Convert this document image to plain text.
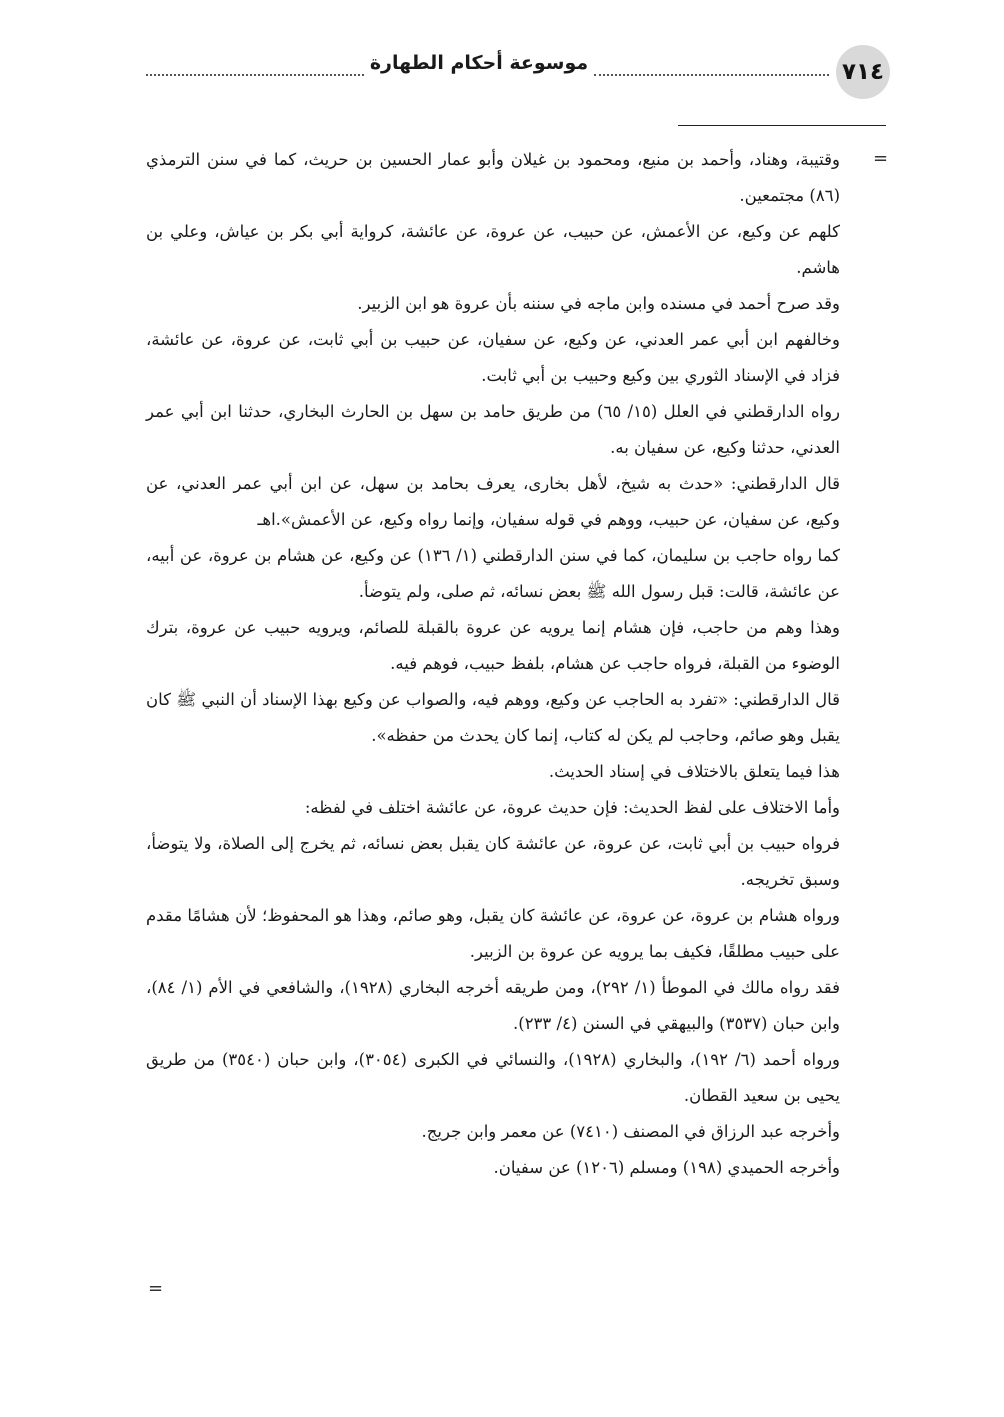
٧١٤
موسوعة أحكام الطهارة
=
=

وقتيبة، وهناد، وأحمد بن منيع، ومحمود بن غيلان وأبو عمار الحسين بن حريث، كما في سنن الترمذي (٨٦) مجتمعين.

كلهم عن وكيع، عن الأعمش، عن حبيب، عن عروة، عن عائشة، كرواية أبي بكر بن عياش، وعلي بن هاشم.

وقد صرح أحمد في مسنده وابن ماجه في سننه بأن عروة هو ابن الزبير.

وخالفهم ابن أبي عمر العدني، عن وكيع، عن سفيان، عن حبيب بن أبي ثابت، عن عروة، عن عائشة، فزاد في الإسناد الثوري بين وكيع وحبيب بن أبي ثابت.

رواه الدارقطني في العلل (١٥/ ٦٥) من طريق حامد بن سهل بن الحارث البخاري، حدثنا ابن أبي عمر العدني، حدثنا وكيع، عن سفيان به.

قال الدارقطني: «حدث به شيخ، لأهل بخارى، يعرف بحامد بن سهل، عن ابن أبي عمر العدني، عن وكيع، عن سفيان، عن حبيب، ووهم في قوله سفيان، وإنما رواه وكيع، عن الأعمش».اهـ

كما رواه حاجب بن سليمان، كما في سنن الدارقطني (١/ ١٣٦) عن وكيع، عن هشام بن عروة، عن أبيه، عن عائشة، قالت: قبل رسول الله ﷺ بعض نسائه، ثم صلى، ولم يتوضأ.

وهذا وهم من حاجب، فإن هشام إنما يرويه عن عروة بالقبلة للصائم، ويرويه حبيب عن عروة، بترك الوضوء من القبلة، فرواه حاجب عن هشام، بلفظ حبيب، فوهم فيه.

قال الدارقطني: «تفرد به الحاجب عن وكيع، ووهم فيه، والصواب عن وكيع بهذا الإسناد أن النبي ﷺ كان يقبل وهو صائم، وحاجب لم يكن له كتاب، إنما كان يحدث من حفظه».

هذا فيما يتعلق بالاختلاف في إسناد الحديث.

وأما الاختلاف على لفظ الحديث: فإن حديث عروة، عن عائشة اختلف في لفظه:

فرواه حبيب بن أبي ثابت، عن عروة، عن عائشة كان يقبل بعض نسائه، ثم يخرج إلى الصلاة، ولا يتوضأ، وسبق تخريجه.

ورواه هشام بن عروة، عن عروة، عن عائشة كان يقبل، وهو صائم، وهذا هو المحفوظ؛ لأن هشامًا مقدم على حبيب مطلقًا، فكيف بما يرويه عن عروة بن الزبير.

فقد رواه مالك في الموطأ (١/ ٢٩٢)، ومن طريقه أخرجه البخاري (١٩٢٨)، والشافعي في الأم (١/ ٨٤)، وابن حبان (٣٥٣٧) والبيهقي في السنن (٤/ ٢٣٣).

ورواه أحمد (٦/ ١٩٢)، والبخاري (١٩٢٨)، والنسائي في الكبرى (٣٠٥٤)، وابن حبان (٣٥٤٠) من طريق يحيى بن سعيد القطان.

وأخرجه عبد الرزاق في المصنف (٧٤١٠) عن معمر وابن جريج.

وأخرجه الحميدي (١٩٨) ومسلم (١٢٠٦) عن سفيان.
